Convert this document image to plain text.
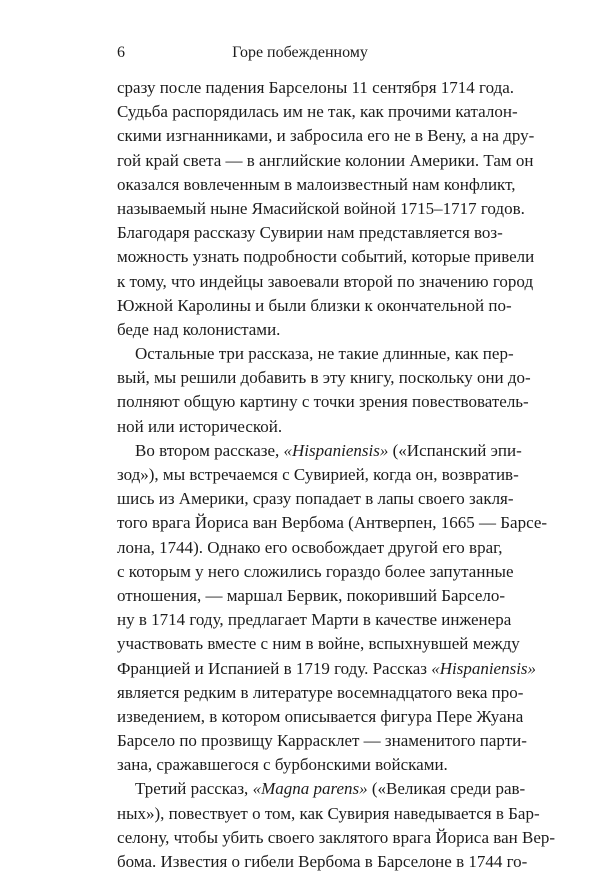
6	Горе побежденному
сразу после падения Барселоны 11 сентября 1714 года.
Судьба распорядилась им не так, как прочими каталон-
скими изгнанниками, и забросила его не в Вену, а на дру-
гой край света — в английские колонии Америки. Там он
оказался вовлеченным в малоизвестный нам конфликт,
называемый ныне Ямасийской войной 1715–1717 годов.
Благодаря рассказу Сувирии нам представляется воз-
можность узнать подробности событий, которые привели
к тому, что индейцы завоевали второй по значению город
Южной Каролины и были близки к окончательной по-
беде над колонистами.
Остальные три рассказа, не такие длинные, как пер-
вый, мы решили добавить в эту книгу, поскольку они до-
полняют общую картину с точки зрения повествователь-
ной или исторической.
Во втором рассказе, «Hispaniensis» («Испанский эпи-
зод»), мы встречаемся с Сувирией, когда он, возвратив-
шись из Америки, сразу попадает в лапы своего закля-
того врага Йориса ван Вербома (Антверпен, 1665 — Барсе-
лона, 1744). Однако его освобождает другой его враг,
с которым у него сложились гораздо более запутанные
отношения, — маршал Бервик, покоривший Барсело-
ну в 1714 году, предлагает Марти в качестве инженера
участвовать вместе с ним в войне, вспыхнувшей между
Францией и Испанией в 1719 году. Рассказ «Hispaniensis»
является редким в литературе восемнадцатого века про-
изведением, в котором описывается фигура Пере Жуана
Барсело по прозвищу Каррасклет — знаменитого парти-
зана, сражавшегося с бурбонскими войсками.
Третий рассказ, «Magna parens» («Великая среди рав-
ных»), повествует о том, как Сувирия наведывается в Бар-
селону, чтобы убить своего заклятого врага Йориса ван Вер-
бома. Известия о гибели Вербома в Барселоне в 1744 го-
